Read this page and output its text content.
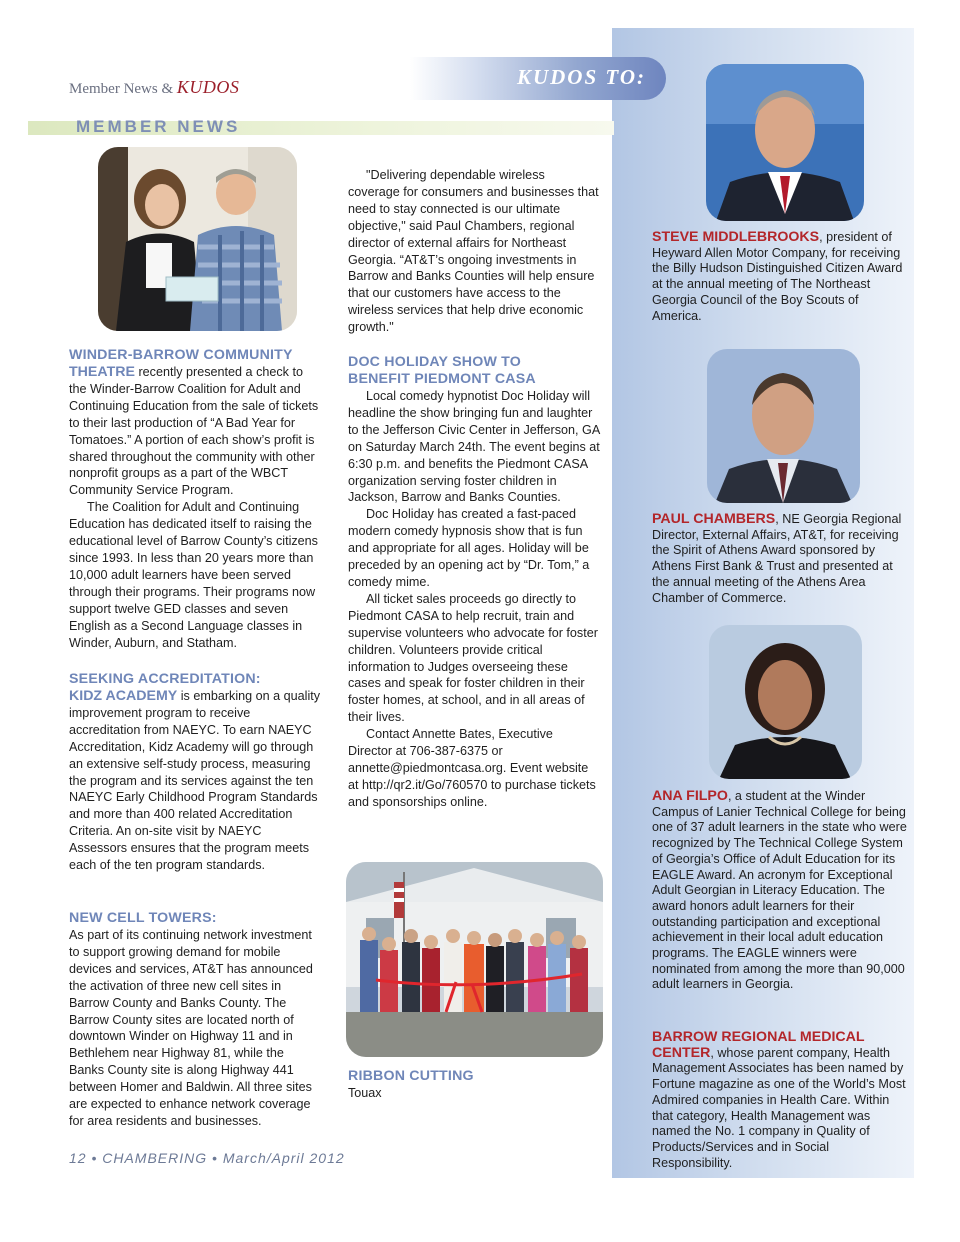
Member News & KUDOS	KUDOS TO:
MEMBER NEWS
WINDER-BARROW COMMUNITY

THEATRE recently presented a check to the Winder-Barrow Coalition for Adult and Continuing Education from the sale of tickets to their last production of “A Bad Year for Tomatoes.” A portion of each show’s profit is shared throughout the community with other nonprofit groups as a part of the WBCT Community Service Program.

The Coalition for Adult and Continuing Education has dedicated itself to raising the educational level of Barrow County’s citizens since 1993. In less than 20 years more than 10,000 adult learners have been served through their programs. Their programs now support twelve GED classes and seven English as a Second Language classes in Winder, Auburn, and Statham.

SEEKING ACCREDITATION:

KIDZ ACADEMY is embarking on a quality improvement program to receive accreditation from NAEYC. To earn NAEYC Accreditation, Kidz Academy will go through an extensive self-study process, measuring the program and its services against the ten NAEYC Early Childhood Program Standards and more than 400 related Accreditation Criteria. An on-site visit by NAEYC Assessors ensures that the program meets each of the ten program standards.

NEW CELL TOWERS:

As part of its continuing network investment to support growing demand for mobile devices and services, AT&T has announced the activation of three new cell sites in Barrow County and Banks County. The Barrow County sites are located north of downtown Winder on Highway 11 and in Bethlehem near Highway 81, while the Banks County site is along Highway 441 between Homer and Baldwin. All three sites are expected to enhance network coverage for area residents and businesses.

"Delivering dependable wireless coverage for consumers and businesses that need to stay connected is our ultimate objective," said Paul Chambers, regional director of external affairs for Northeast Georgia. “AT&T’s ongoing investments in Barrow and Banks Counties will help ensure that our customers have access to the wireless services that help drive economic growth."

DOC HOLIDAY SHOW TO
BENEFIT PIEDMONT CASA

Local comedy hypnotist Doc Holiday will headline the show bringing fun and laughter to the Jefferson Civic Center in Jefferson, GA on Saturday March 24th. The event begins at 6:30 p.m. and benefits the Piedmont CASA organization serving foster children in Jackson, Barrow and Banks Counties.

Doc Holiday has created a fast-paced modern comedy hypnosis show that is fun and appropriate for all ages. Holiday will be preceded by an opening act by “Dr. Tom,” a comedy mime.

All ticket sales proceeds go directly to Piedmont CASA to help recruit, train and supervise volunteers who advocate for foster children. Volunteers provide critical information to Judges overseeing these cases and speak for foster children in their foster homes, at school, and in all areas of their lives.

Contact Annette Bates, Executive Director at 706-387-6375 or annette@piedmontcasa.org. Event website at http://qr2.it/Go/760570 to purchase tickets and sponsorships online.

RIBBON CUTTING
Touax
STEVE MIDDLEBROOKS, president of Heyward Allen Motor Company, for receiving the Billy Hudson Distinguished Citizen Award at the annual meeting of The Northeast Georgia Council of the Boy Scouts of America.
PAUL CHAMBERS, NE Georgia Regional Director, External Affairs, AT&T, for receiving the Spirit of Athens Award sponsored by Athens First Bank & Trust and presented at the annual meeting of the Athens Area Chamber of Commerce.
ANA FILPO, a student at the Winder Campus of Lanier Technical College for being one of 37 adult learners in the state who were recognized by The Technical College System of Georgia’s Office of Adult Education for its EAGLE Award. An acronym for Exceptional Adult Georgian in Literacy Education. The award honors adult learners for their outstanding participation and exceptional achievement in their local adult education programs. The EAGLE winners were nominated from among the more than 90,000 adult learners in Georgia.
BARROW REGIONAL MEDICAL
CENTER, whose parent company, Health Management Associates has been named by Fortune magazine as one of the World’s Most Admired companies in Health Care. Within that category, Health Management was named the No. 1 company in Quality of Products/Services and in Social Responsibility.
12 • CHAMBERING • March/April 2012
